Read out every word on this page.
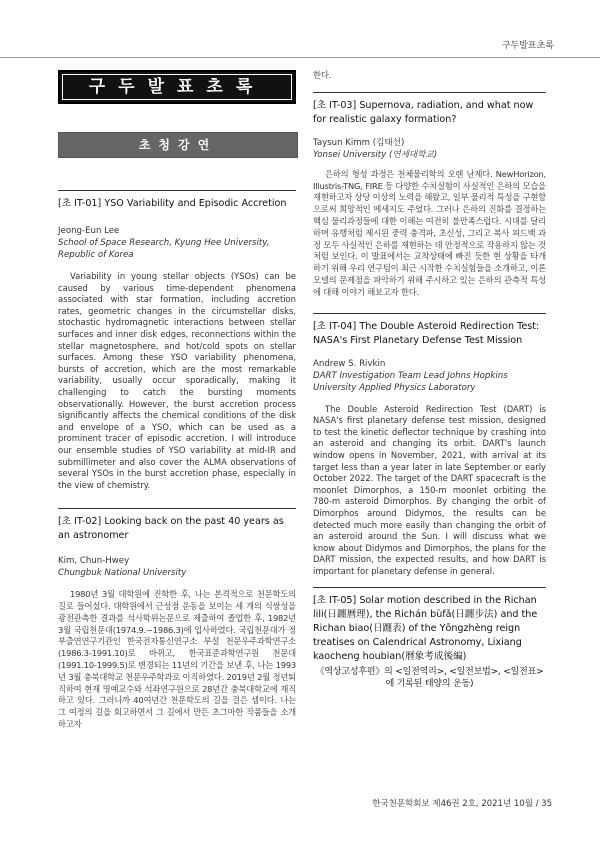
구두발표초록
구두발표초록
초청강연
[초 IT-01] YSO Variability and Episodic Accretion
Jeong-Eun Lee
School of Space Research, Kyung Hee University, Republic of Korea

Variability in young stellar objects (YSOs) can be caused by various time-dependent phenomena associated with star formation, including accretion rates, geometric changes in the circumstellar disks, stochastic hydromagnetic interactions between stellar surfaces and inner disk edges, reconnections within the stellar magnetosphere, and hot/cold spots on stellar surfaces. Among these YSO variability phenomena, bursts of accretion, which are the most remarkable variability, usually occur sporadically, making it challenging to catch the bursting moments observationally. However, the burst accretion process significantly affects the chemical conditions of the disk and envelope of a YSO, which can be used as a prominent tracer of episodic accretion. I will introduce our ensemble studies of YSO variability at mid-IR and submillimeter and also cover the ALMA observations of several YSOs in the burst accretion phase, especially in the view of chemistry.

[초 IT-02] Looking back on the past 40 years as an astronomer
Kim, Chun-Hwey
Chungbuk National University

1980년 3월 대학원에 진학한 후, 나는 본격적으로 천문학도의 길로 들어섰다. 대학원에서 근성점 운동을 보이는 세 개의 식쌍성을 광전관측한 결과를 석사학위논문으로 제출하여 졸업한 후, 1982년 3월 국립천문대(1974.9.~1986.3)에 입사하였다. 국립천문대가 정부출연연구기관인 한국전자통신연구소 부설 천문우주과학연구소(1986.3-1991.10)로 바뀌고, 한국표준과학연구원 천문대(1991.10-1999.5)로 변경되는 11년의 기간을 보낸 후, 나는 1993년 3월 충북대학교 천문우주학과로 이직하였다. 2019년 2월 정년퇴직하여 현재 명예교수와 석좌연구원으로 28년간 충북대학교에 재직하고 있다. 그러니까 40여년간 천문학도의 길을 걸은 셈이다. 나는 그 여정의 길을 회고하면서 그 길에서 만든 초그마한 작품들을 소개하고자

한다.

[초 IT-03] Supernova, radiation, and what now for realistic galaxy formation?
Taysun Kimm (김태선)
Yonsei University (연세대학교)

은하의 형성 과정은 천체물리학의 오랜 난제다. NewHorizon, Illustris-TNG, FIRE 등 다양한 수치실험이 사실적인 은하의 모습을 재현하고자 상당 이상의 노력을 해왔고, 일부 물리적 특성을 구현함으로써 희망적인 메세지도 주었다. 그러나 은하의 진화를 결정하는 핵심 물리과정들에 대한 이해는 여전히 불만족스럽다. 시대를 달리하며 유행처럼 제시된 중력 충격파, 초신성, 그리고 복사 피드백 과정 모두 사실적인 은하를 재현하는 데 안정적으로 작용하지 않는 것처럼 보인다. 이 발표에서는 교착상태에 빠진 듯한 현 상황을 타개하기 위해 우리 연구팀이 최근 시작한 수치실험들을 소개하고, 이론 모델의 문제점을 파악하기 위해 주시하고 있는 은하의 관측적 특성에 대해 이야기 해보고자 한다.

[초 IT-04] The Double Asteroid Redirection Test: NASA's First Planetary Defense Test Mission
Andrew S. Rivkin
DART Investigation Team Lead Johns Hopkins University Applied Physics Laboratory

The Double Asteroid Redirection Test (DART) is NASA's first planetary defense test mission, designed to test the kinetic deflector technique by crashing into an asteroid and changing its orbit. DART's launch window opens in November, 2021, with arrival at its target less than a year later in late September or early October 2022. The target of the DART spacecraft is the moonlet Dimorphos, a 150-m moonlet orbiting the 780-m asteroid Dimorphos. By changing the orbit of Dimorphos around Didymos, the results can be detected much more easily than changing the orbit of an asteroid around the Sun. I will discuss what we know about Didymos and Dimorphos, the plans for the DART mission, the expected results, and how DART is important for planetary defense in general.

[초 IT-05] Solar motion described in the Richan lili(日躔曆理), the Richán bùfǎ(日躔步法) and the Richan biao(日躔表) of the Yōngzhèng reign treatises on Calendrical Astronomy, Lixiang kaocheng houbian(曆象考成後編)
《역상고성후편》의 <일전역리>, <일전보법>, <일전표>에 기록된 태양의 운동)
한국천문학회보 제46권 2호, 2021년 10월 / 35
